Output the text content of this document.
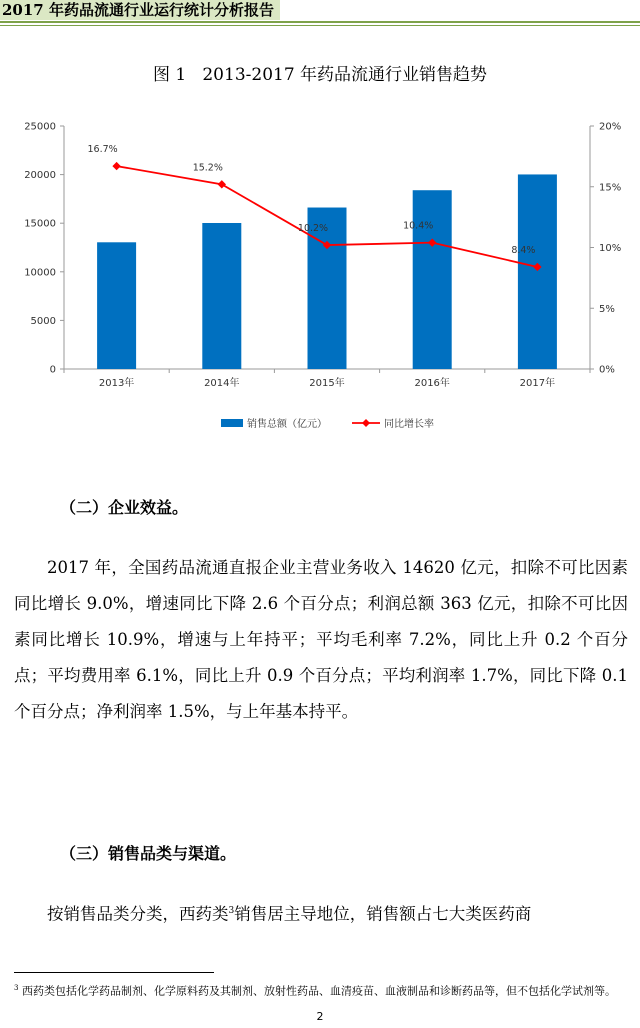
2017 年药品流通行业运行统计分析报告
图 1   2013-2017 年药品流通行业销售趋势
0
5000
10000
15000
20000
25000
0%
5%
10%
15%
20%
2013年	2014年	2015年	2016年	2017年
16.7%
15.2%
10.2%	10.4%
8.4%
销售总额（亿元）	同比增长率
（二）企业效益。

2017 年，全国药品流通直报企业主营业务收入 14620 亿元，扣除不可比因素同比增长 9.0%，增速同比下降 2.6 个百分点；利润总额 363 亿元，扣除不可比因素同比增长 10.9%，增速与上年持平；平均毛利率 7.2%，同比上升 0.2 个百分点；平均费用率 6.1%，同比上升 0.9 个百分点；平均利润率 1.7%，同比下降 0.1 个百分点；净利润率 1.5%，与上年基本持平。

（三）销售品类与渠道。

按销售品类分类，西药类$^3$销售居主导地位，销售额占七大类医药商

$^3$ 西药类包括化学药品制剂、化学原料药及其制剂、放射性药品、血清疫苗、血液制品和诊断药品等，但不包括化学试剂等。

2
